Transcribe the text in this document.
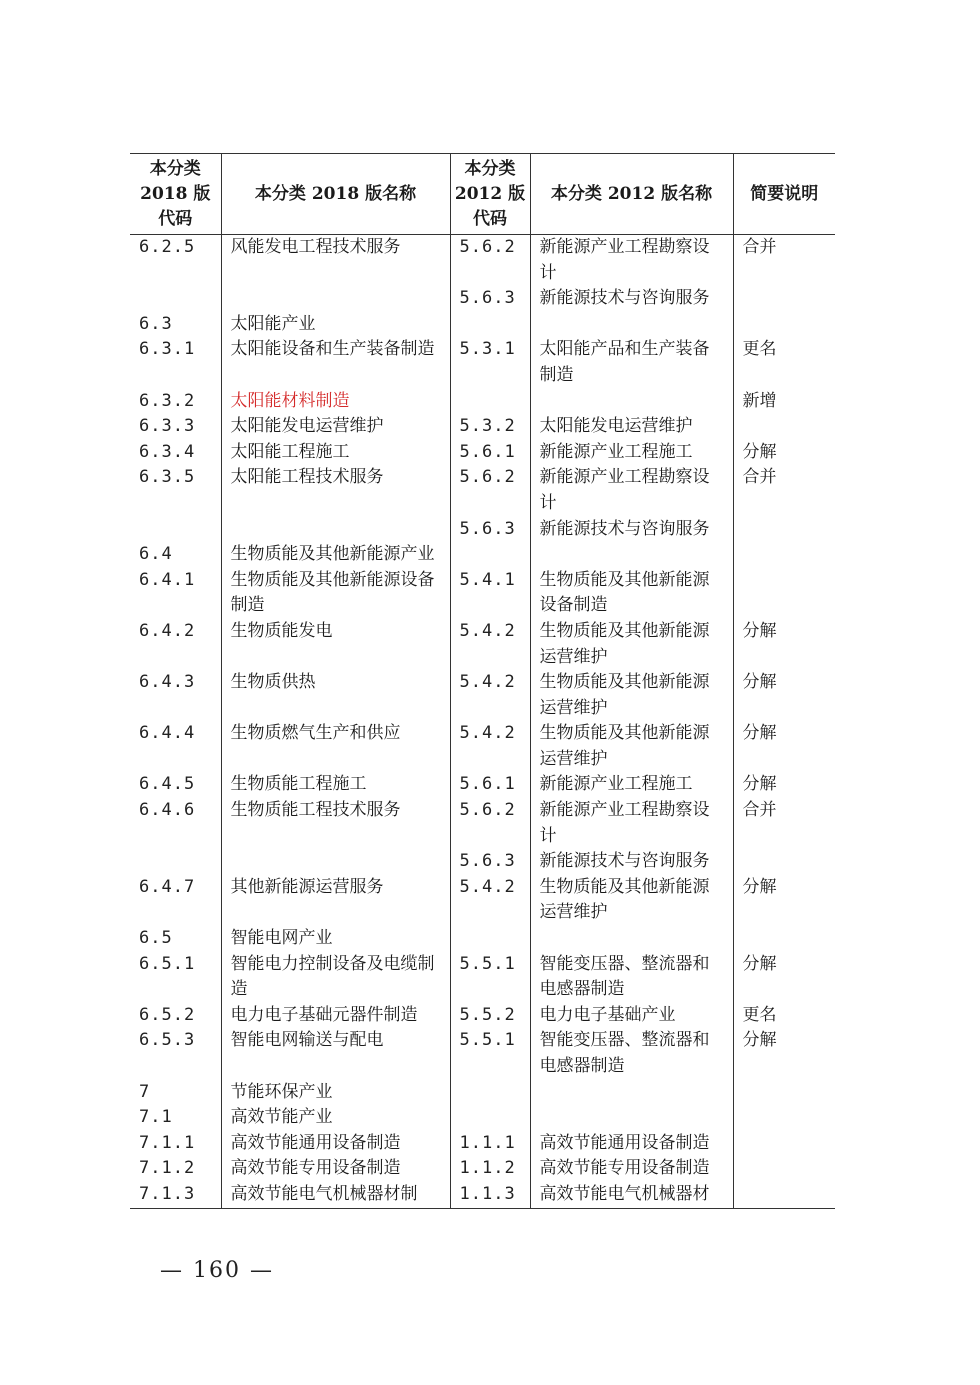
本分类
2018 版
代码	本分类 2018 版名称	本分类
2012 版
代码	本分类 2012 版名称	简要说明
6.2.5	风能发电工程技术服务	5.6.2	新能源产业工程勘察设计	合并
		5.6.3	新能源技术与咨询服务	
6.3	太阳能产业			
6.3.1	太阳能设备和生产装备制造	5.3.1	太阳能产品和生产装备制造	更名
6.3.2	太阳能材料制造			新增
6.3.3	太阳能发电运营维护	5.3.2	太阳能发电运营维护	
6.3.4	太阳能工程施工	5.6.1	新能源产业工程施工	分解
6.3.5	太阳能工程技术服务	5.6.2	新能源产业工程勘察设计	合并
		5.6.3	新能源技术与咨询服务	
6.4	生物质能及其他新能源产业			
6.4.1	生物质能及其他新能源设备制造	5.4.1	生物质能及其他新能源设备制造	
6.4.2	生物质能发电	5.4.2	生物质能及其他新能源运营维护	分解
6.4.3	生物质供热	5.4.2	生物质能及其他新能源运营维护	分解
6.4.4	生物质燃气生产和供应	5.4.2	生物质能及其他新能源运营维护	分解
6.4.5	生物质能工程施工	5.6.1	新能源产业工程施工	分解
6.4.6	生物质能工程技术服务	5.6.2	新能源产业工程勘察设计	合并
		5.6.3	新能源技术与咨询服务	
6.4.7	其他新能源运营服务	5.4.2	生物质能及其他新能源运营维护	分解
6.5	智能电网产业			
6.5.1	智能电力控制设备及电缆制造	5.5.1	智能变压器、整流器和电感器制造	分解
6.5.2	电力电子基础元器件制造	5.5.2	电力电子基础产业	更名
6.5.3	智能电网输送与配电	5.5.1	智能变压器、整流器和电感器制造	分解
7	节能环保产业			
7.1	高效节能产业			
7.1.1	高效节能通用设备制造	1.1.1	高效节能通用设备制造	
7.1.2	高效节能专用设备制造	1.1.2	高效节能专用设备制造	
7.1.3	高效节能电气机械器材制	1.1.3	高效节能电气机械器材	
— 160 —
